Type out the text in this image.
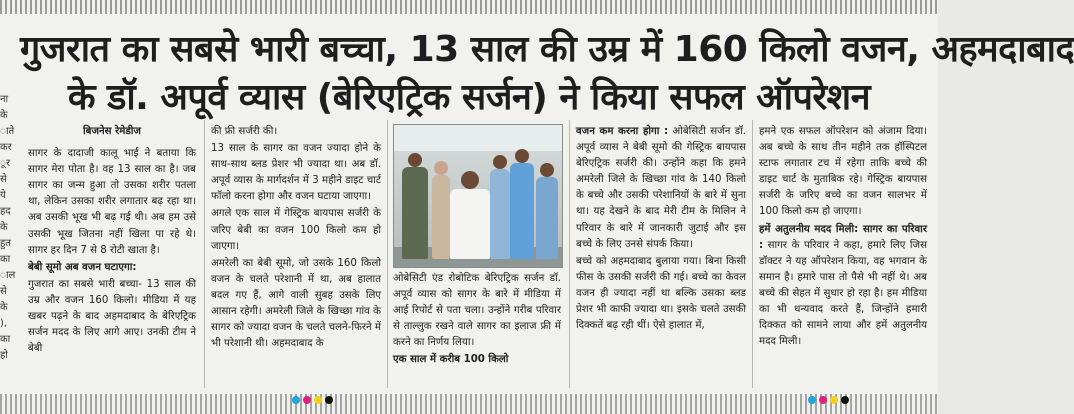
गुजरात का सबसे भारी बच्चा, 13 साल की उम्र में 160 किलो वजन, अहमदाबाद
के डॉ. अपूर्व व्यास (बेरिएट्रिक सर्जन) ने किया सफल ऑपरेशन
ना
के
ाते
कर
ूर
से
ये
हद
के
हुत
का
ाल
से
के
),
का
हो

बिजनेस रेमेडीज

सागर के दादाजी कालू भाई ने बताया कि सागर मेरा पोता है। वह 13 साल का है। जब सागर का जन्म हुआ तो उसका शरीर पतला था, लेकिन उसका शरीर लगातार बढ़ रहा था। अब उसकी भूख भी बढ़ गई थी। अब हम उसे उसकी भूख जितना नहीं खिला पा रहे थे। सागर हर दिन 7 से 8 रोटी खाता है।

बेबी सूमो अब वजन घटाएगा:

गुजरात का सबसे भारी बच्चा- 13 साल की उम्र और वजन 160 किलो। मीडिया में यह खबर पढ़ने के बाद अहमदाबाद के बेरिएट्रिक सर्जन मदद के लिए आगे आए। उनकी टीम ने बेबी

की फ्री सर्जरी की।

13 साल के सागर का वजन ज्यादा होने के साथ-साथ ब्लड प्रेशर भी ज्यादा था। अब डॉ. अपूर्व व्यास के मार्गदर्शन में 3 महीने डाइट चार्ट फॉलो करना होगा और वजन घटाया जाएगा।

अगले एक साल में गेस्ट्रिक बायपास सर्जरी के जरिए बेबी का वजन 100 किलो कम हो जाएगा।

अमरेली का बेबी सूमो, जो उसके 160 किलो वजन के चलते परेशानी में था, अब हालात बदल गए हैं, आगे वाली सुबह उसके लिए आसान रहेगी। अमरेली जिले के खिच्छा गांव के सागर को ज्यादा वजन के चलते चलने-फिरने में भी परेशानी थी। अहमदाबाद के

ओबेसिटी एंड रोबोटिक बेरिएट्रिक सर्जन डॉ. अपूर्व व्यास को सागर के बारे में मीडिया में आई रिपोर्ट से पता चला। उन्होंने गरीब परिवार से ताल्लुक रखने वाले सागर का इलाज फ्री में करने का निर्णय लिया।

एक साल में करीब 100 किलो

वजन कम करना होगा : ओबेसिटी सर्जन डॉ. अपूर्व व्यास ने बेबी सूमो की गेस्ट्रिक बायपास बेरिएट्रिक सर्जरी की। उन्होंने कहा कि हमने अमरेली जिले के खिच्छा गांव के 140 किलो के बच्चे और उसकी परेशानियों के बारे में सुना था। यह देखने के बाद मेरी टीम के मिलिन ने परिवार के बारे में जानकारी जुटाई और इस बच्चे के लिए उनसे संपर्क किया।

बच्चे को अहमदाबाद बुलाया गया। बिना किसी फीस के उसकी सर्जरी की गई। बच्चे का केवल वजन ही ज्यादा नहीं था बल्कि उसका ब्लड प्रेशर भी काफी ज्यादा था। इसके चलते उसकी दिक्कतें बढ़ रही थीं। ऐसे हालात में,

हमने एक सफल ऑपरेशन को अंजाम दिया। अब बच्चे के साथ तीन महीने तक हॉस्पिटल स्टाफ लगातार टच में रहेगा ताकि बच्चे की डाइट चार्ट के मुताबिक रहे। गेस्ट्रिक बायपास सर्जरी के जरिए बच्चे का वजन सालभर में 100 किलो कम हो जाएगा।

हमें अतुलनीय मदद मिली: सागर का परिवार : सागर के परिवार ने कहा, हमारे लिए जिस डॉक्टर ने यह ऑपरेशन किया, वह भगवान के समान है। हमारे पास तो पैसे भी नहीं थे। अब बच्चे की सेहत में सुधार हो रहा है। हम मीडिया का भी धन्यवाद करते हैं, जिन्होंने हमारी दिक्कत को सामने लाया और हमें अतुलनीय मदद मिली।
